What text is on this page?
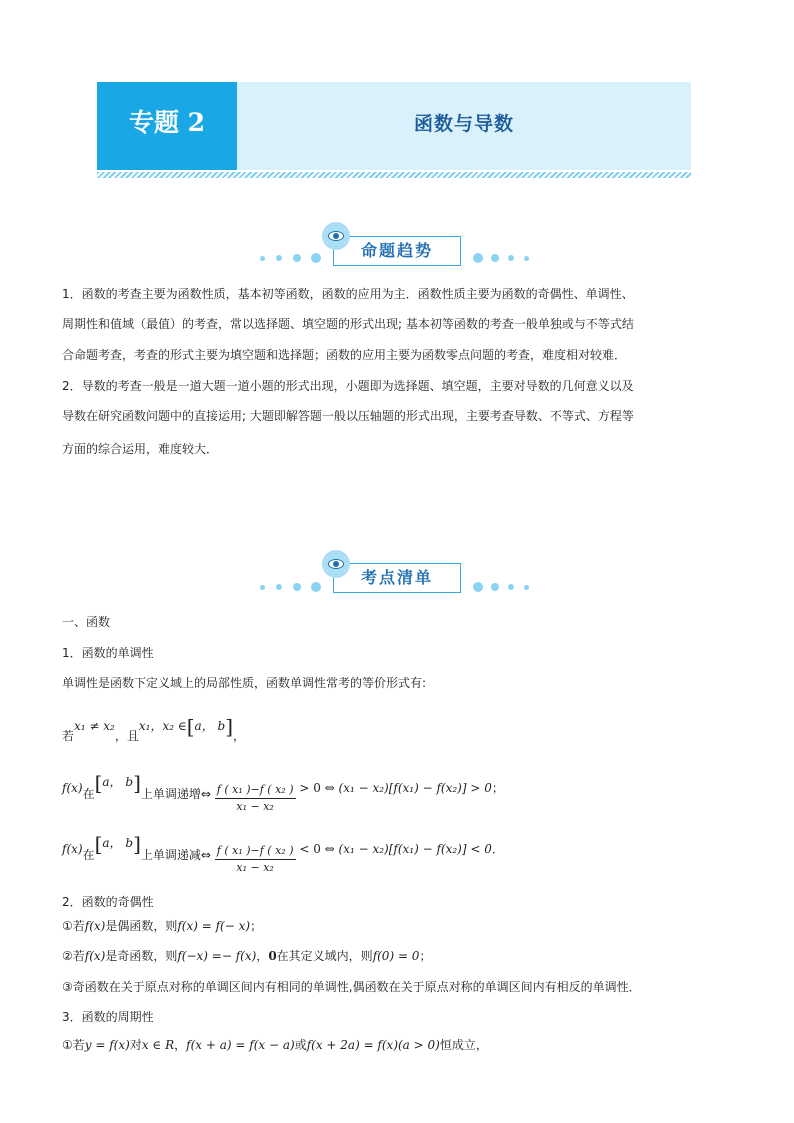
专题 2	函数与导数
命题趋势
1．函数的考查主要为函数性质，基本初等函数，函数的应用为主．函数性质主要为函数的奇偶性、单调性、
周期性和值域（最值）的考查，常以选择题、填空题的形式出现; 基本初等函数的考查一般单独或与不等式结
合命题考查，考查的形式主要为填空题和选择题；函数的应用主要为函数零点问题的考查，难度相对较难．
2．导数的考查一般是一道大题一道小题的形式出现，小题即为选择题、填空题，主要对导数的几何意义以及
导数在研究函数问题中的直接运用; 大题即解答题一般以压轴题的形式出现，主要考查导数、不等式、方程等
方面的综合运用，难度较大．
考点清单
一、函数
1．函数的单调性
单调性是函数下定义域上的局部性质，函数单调性常考的等价形式有:
若x₁ ≠ x₂，且x₁，x₂ ∈[a， b]，
f(x)在[a， b]上单调递增⇔ $\frac{\text{f ( x₁ )−f ( x₂ )}}{\text{x₁ − x₂}} > 0$ ⇔ (x₁ − x₂)[f(x₁) − f(x₂)] > 0；
f(x)在[a， b]上单调递减⇔ $\frac{\text{f ( x₁ )−f ( x₂ )}}{\text{x₁ − x₂}} < 0$ ⇔ (x₁ − x₂)[f(x₁) − f(x₂)] < 0．
2．函数的奇偶性
①若f(x)是偶函数，则f(x) = f(− x)；
②若f(x)是奇函数，则f(−x) =− f(x)，0在其定义域内，则f(0) = 0；
③奇函数在关于原点对称的单调区间内有相同的单调性,偶函数在关于原点对称的单调区间内有相反的单调性．
3．函数的周期性
①若y = f(x)对x ∈ R，f(x + a) = f(x − a)或f(x + 2a) = f(x)(a > 0)恒成立，
